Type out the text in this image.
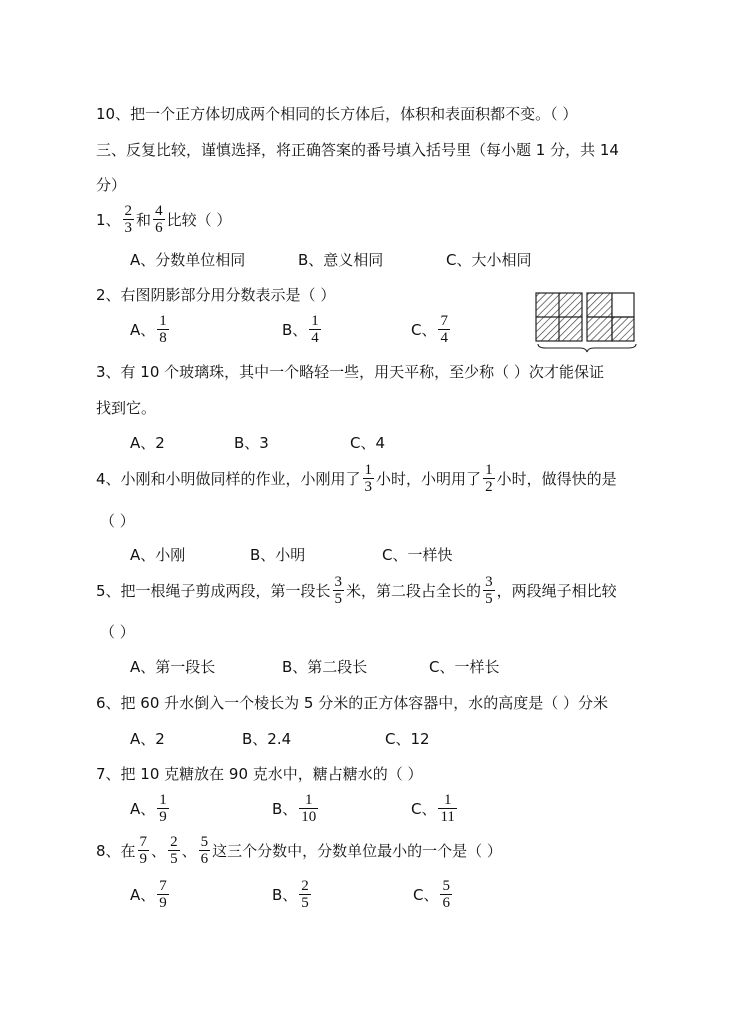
10、把一个正方体切成两个相同的长方体后，体积和表面积都不变。（ ）
三、反复比较，谨慎选择，将正确答案的番号填入括号里（每小题 1 分，共 14
分）
1、 $\frac{2}{3}$ 和 $\frac{4}{6}$ 比较（ ）
A、分数单位相同	B、意义相同	C、大小相同
2、右图阴影部分用分数表示是（ ）
A、 $\frac{1}{8}$	B、 $\frac{1}{4}$	C、 $\frac{7}{4}$
3、有 10 个玻璃珠，其中一个略轻一些，用天平称，至少称（ ）次才能保证
找到它。
A、2	B、3	C、4
4、小刚和小明做同样的作业，小刚用了 $\frac{1}{3}$ 小时，小明用了 $\frac{1}{2}$ 小时，做得快的是
（ ）
A、小刚	B、小明	C、一样快
5、把一根绳子剪成两段，第一段长 $\frac{3}{5}$ 米，第二段占全长的 $\frac{3}{5}$ ，两段绳子相比较
（ ）
A、第一段长	B、第二段长	C、一样长
6、把 60 升水倒入一个棱长为 5 分米的正方体容器中，水的高度是（ ）分米
A、2	B、2.4	C、12
7、把 10 克糖放在 90 克水中，糖占糖水的（ ）
A、 $\frac{1}{9}$	B、 $\frac{1}{10}$	C、 $\frac{1}{11}$
8、在 $\frac{7}{9}$ 、 $\frac{2}{5}$ 、 $\frac{5}{6}$ 这三个分数中，分数单位最小的一个是（ ）
A、 $\frac{7}{9}$	B、 $\frac{2}{5}$	C、 $\frac{5}{6}$
